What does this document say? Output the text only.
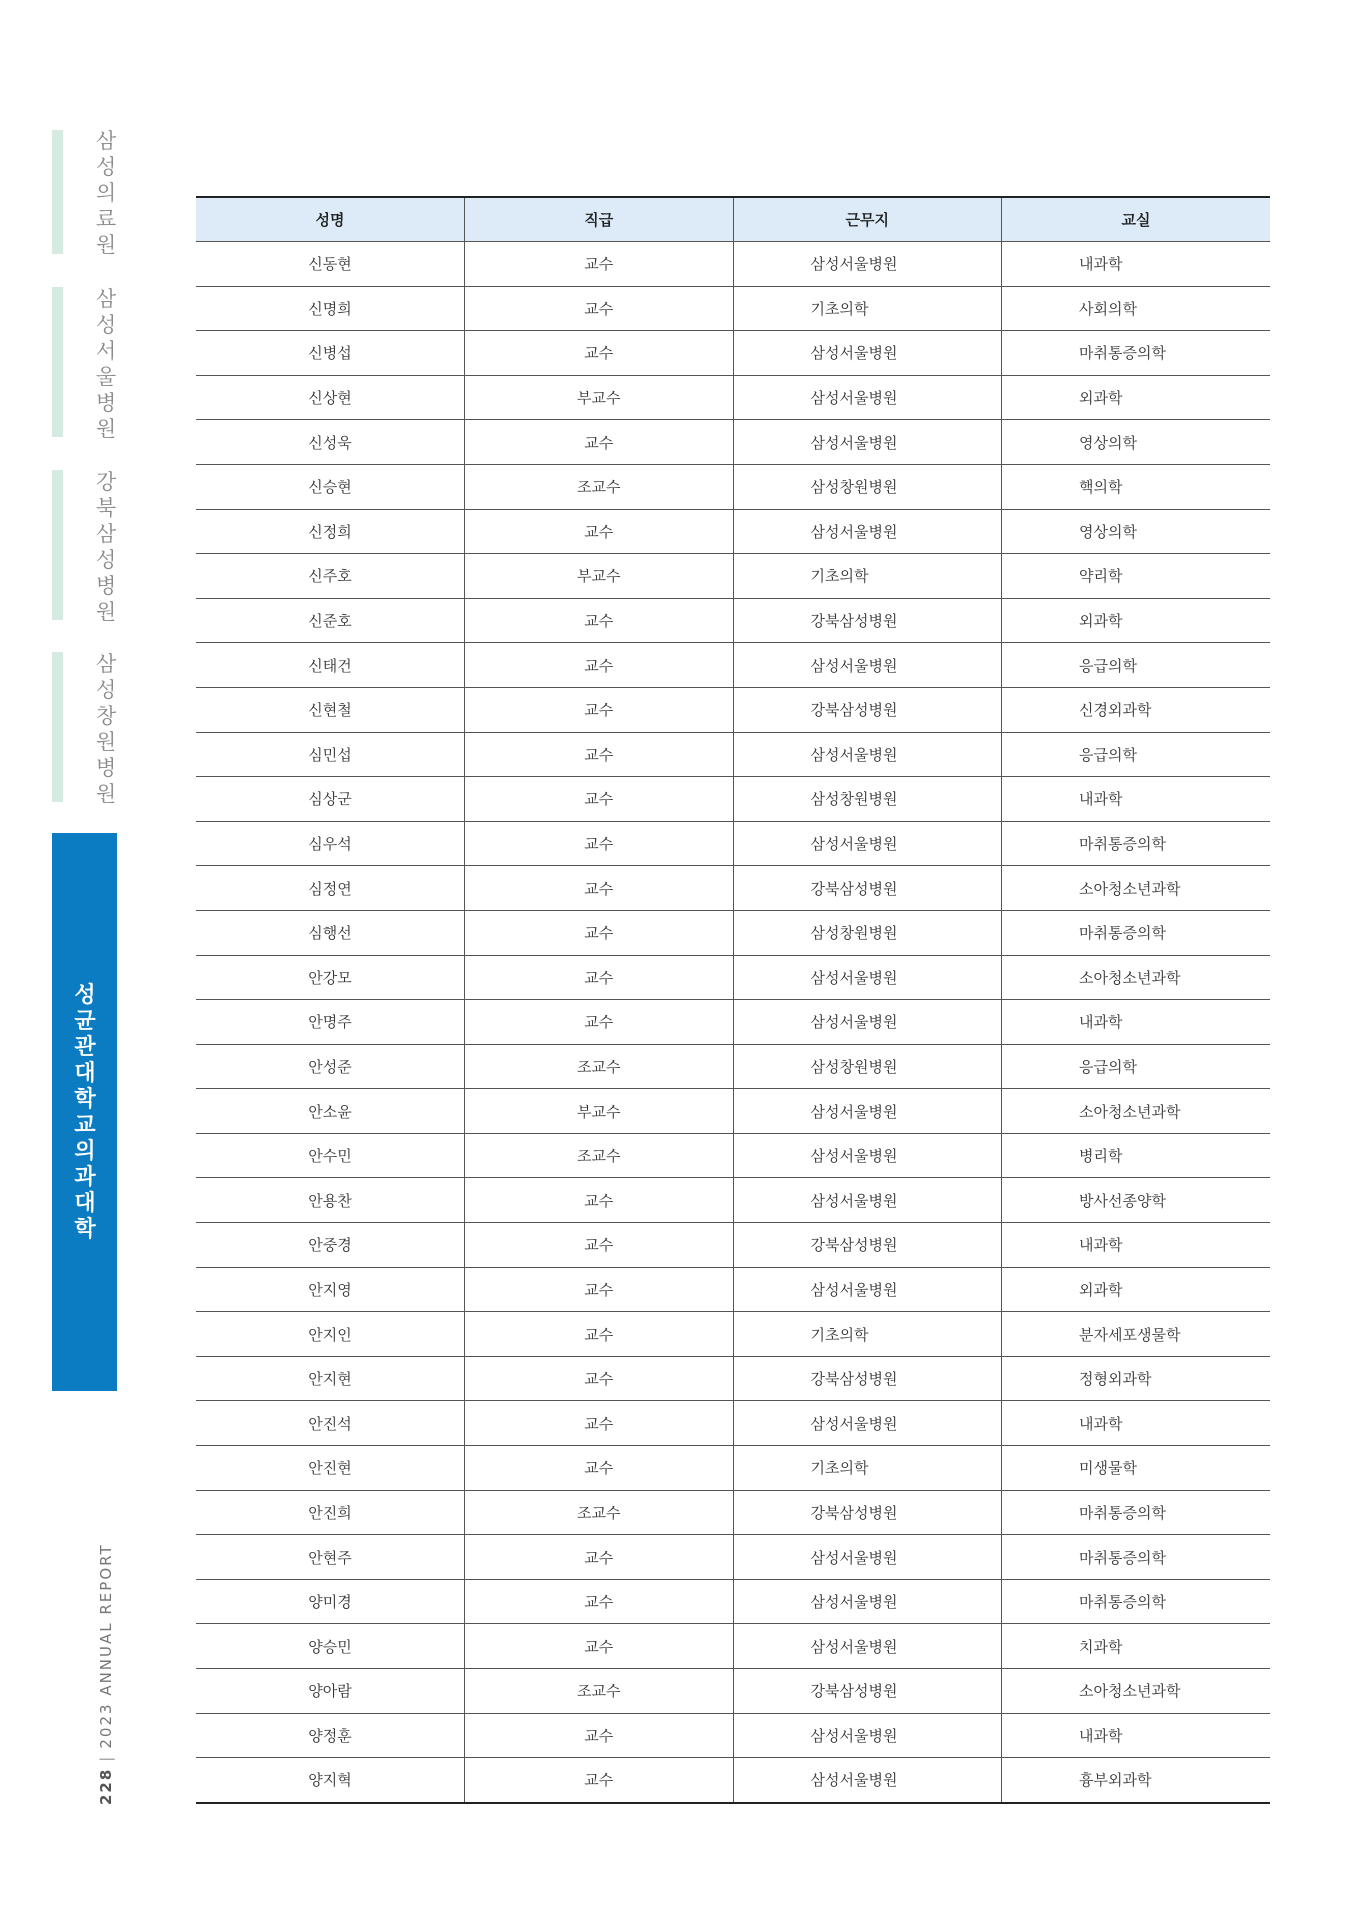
삼성의료원
삼성서울병원
강북삼성병원
삼성창원병원
성균관대학교 의과대학
228|2023 ANNUAL REPORT
성명	직급	근무지	교실
신동현	교수	삼성서울병원	내과학
신명희	교수	기초의학	사회의학
신병섭	교수	삼성서울병원	마취통증의학
신상현	부교수	삼성서울병원	외과학
신성욱	교수	삼성서울병원	영상의학
신승현	조교수	삼성창원병원	핵의학
신정희	교수	삼성서울병원	영상의학
신주호	부교수	기초의학	약리학
신준호	교수	강북삼성병원	외과학
신태건	교수	삼성서울병원	응급의학
신현철	교수	강북삼성병원	신경외과학
심민섭	교수	삼성서울병원	응급의학
심상군	교수	삼성창원병원	내과학
심우석	교수	삼성서울병원	마취통증의학
심정연	교수	강북삼성병원	소아청소년과학
심행선	교수	삼성창원병원	마취통증의학
안강모	교수	삼성서울병원	소아청소년과학
안명주	교수	삼성서울병원	내과학
안성준	조교수	삼성창원병원	응급의학
안소윤	부교수	삼성서울병원	소아청소년과학
안수민	조교수	삼성서울병원	병리학
안용찬	교수	삼성서울병원	방사선종양학
안중경	교수	강북삼성병원	내과학
안지영	교수	삼성서울병원	외과학
안지인	교수	기초의학	분자세포생물학
안지현	교수	강북삼성병원	정형외과학
안진석	교수	삼성서울병원	내과학
안진현	교수	기초의학	미생물학
안진희	조교수	강북삼성병원	마취통증의학
안현주	교수	삼성서울병원	마취통증의학
양미경	교수	삼성서울병원	마취통증의학
양승민	교수	삼성서울병원	치과학
양아람	조교수	강북삼성병원	소아청소년과학
양정훈	교수	삼성서울병원	내과학
양지혁	교수	삼성서울병원	흉부외과학
